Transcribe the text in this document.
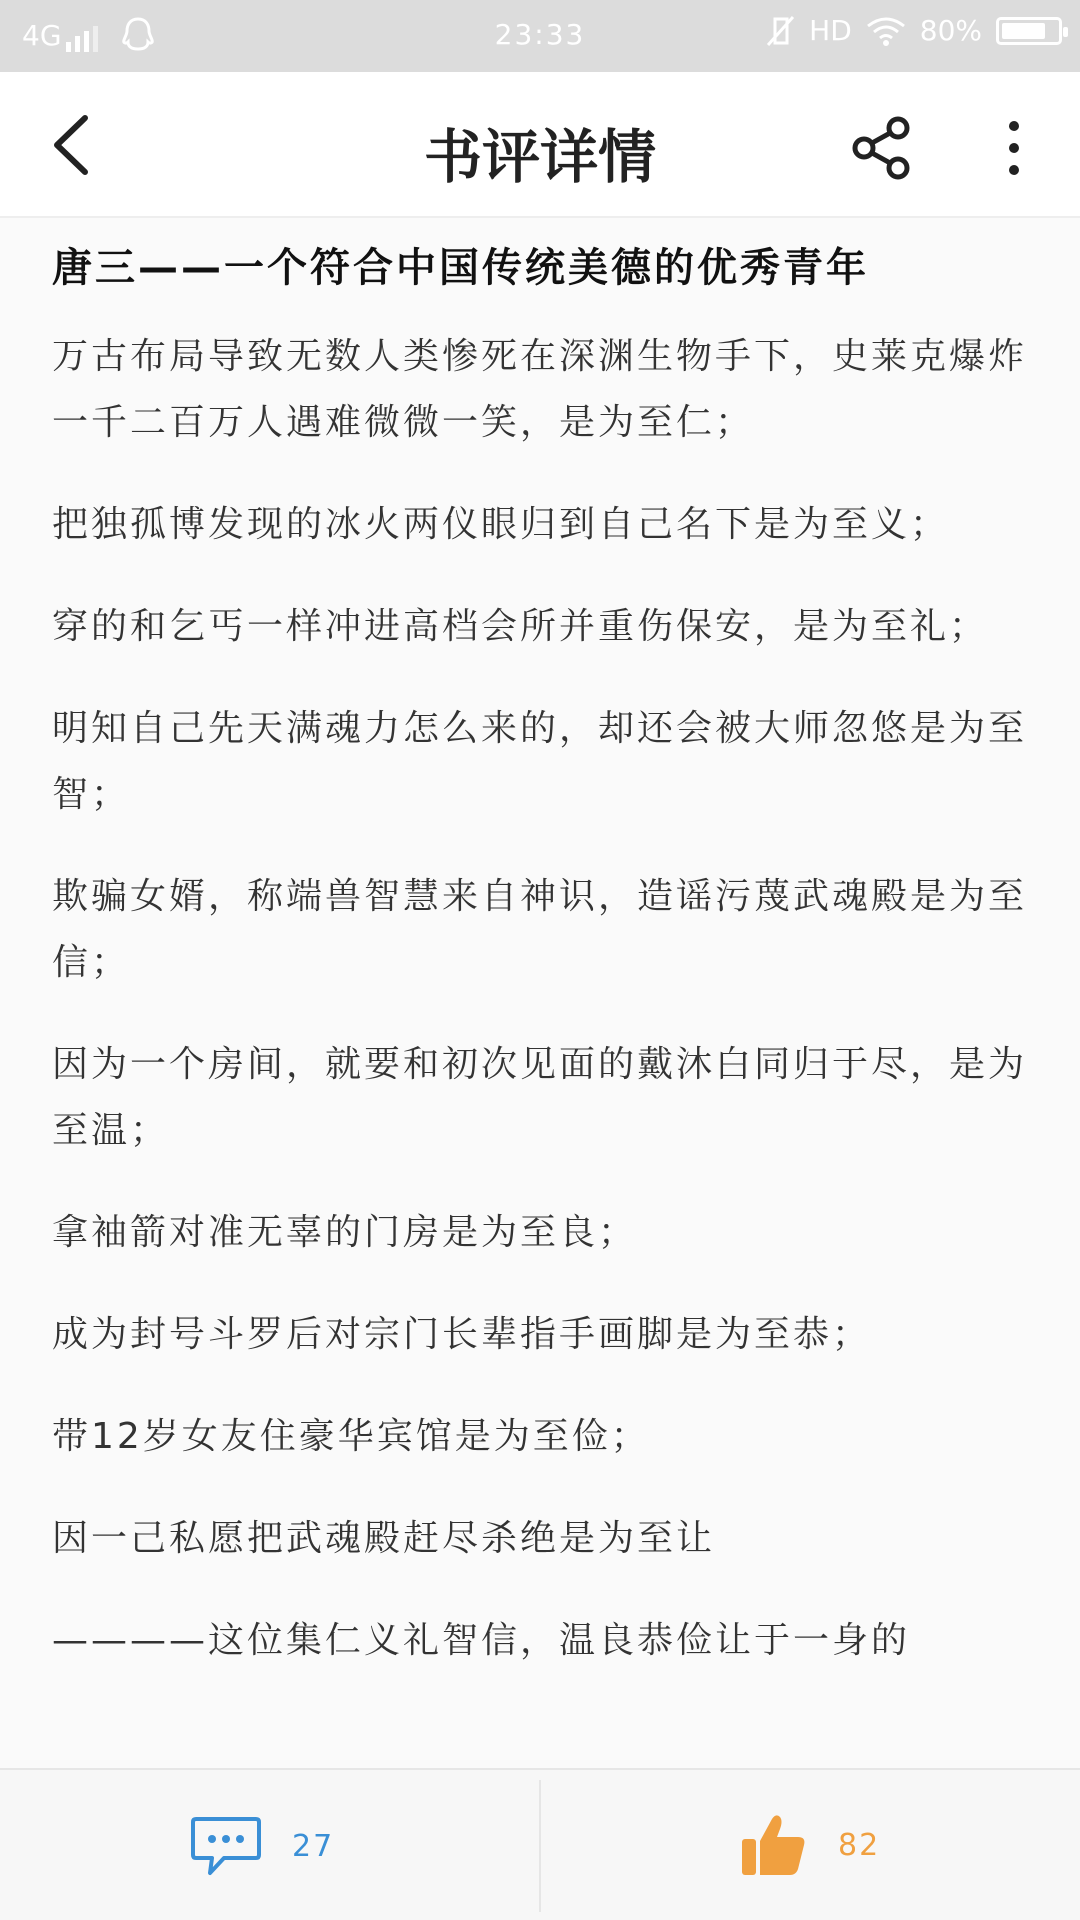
4G	23:33	HD 80%
书评详情
唐三——一个符合中国传统美德的优秀青年

万古布局导致无数人类惨死在深渊生物手下，史莱克爆炸一千二百万人遇难微微一笑，是为至仁；

把独孤博发现的冰火两仪眼归到自己名下是为至义；

穿的和乞丐一样冲进高档会所并重伤保安，是为至礼；

明知自己先天满魂力怎么来的，却还会被大师忽悠是为至智；

欺骗女婿，称端兽智慧来自神识，造谣污蔑武魂殿是为至信；

因为一个房间，就要和初次见面的戴沐白同归于尽，是为至温；

拿袖箭对准无辜的门房是为至良；

成为封号斗罗后对宗门长辈指手画脚是为至恭；

带12岁女友住豪华宾馆是为至俭；

因一己私愿把武魂殿赶尽杀绝是为至让

————这位集仁义礼智信，温良恭俭让于一身的

27	82
